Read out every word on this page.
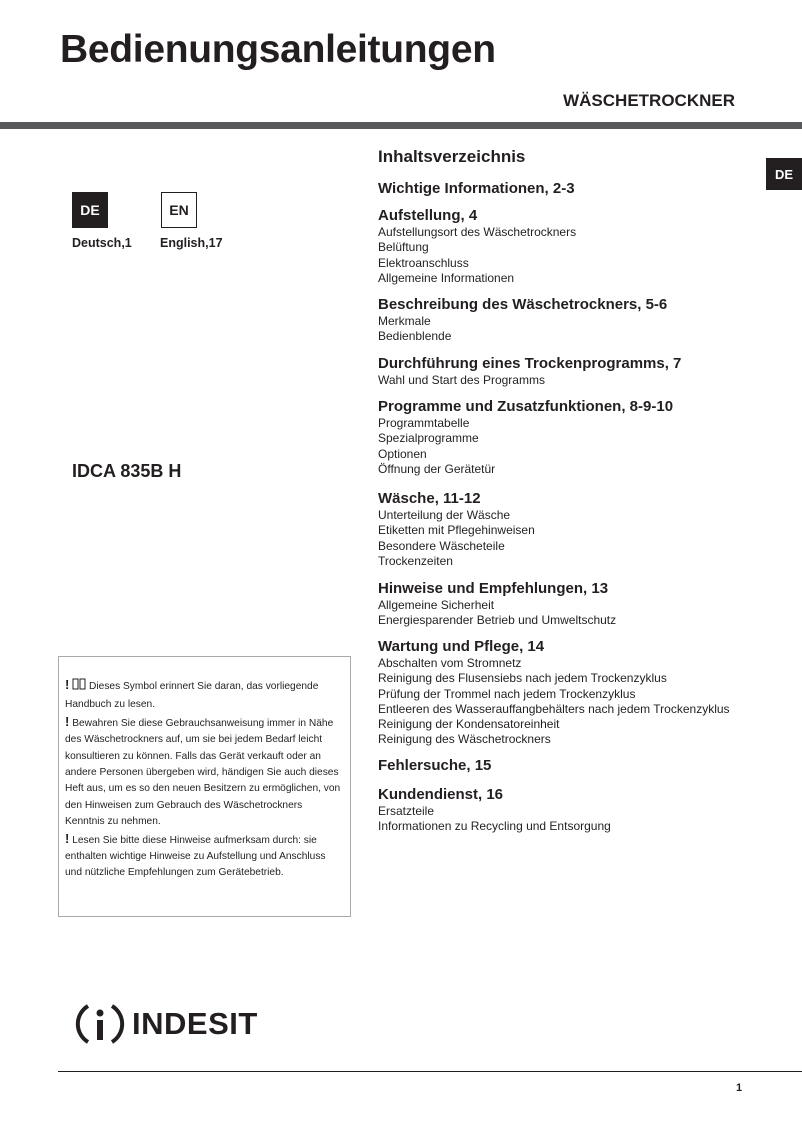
Bedienungsanleitungen
WÄSCHETROCKNER
DE
DE	EN
Deutsch,1 English,17
IDCA 835B H
Inhaltsverzeichnis
Wichtige Informationen, 2-3
Aufstellung, 4
Aufstellungsort des Wäschetrockners
Belüftung
Elektroanschluss
Allgemeine Informationen
Beschreibung des Wäschetrockners, 5-6
Merkmale
Bedienblende
Durchführung eines Trockenprogramms, 7
Wahl und Start des Programms
Programme und Zusatzfunktionen, 8-9-10
Programmtabelle
Spezialprogramme
Optionen
Öffnung der Gerätetür
Wäsche, 11-12
Unterteilung der Wäsche
Etiketten mit Pflegehinweisen
Besondere Wäscheteile
Trockenzeiten
Hinweise und Empfehlungen, 13
Allgemeine Sicherheit
Energiesparender Betrieb und Umweltschutz
Wartung und Pflege, 14
Abschalten vom Stromnetz
Reinigung des Flusensiebs nach jedem Trockenzyklus
Prüfung der Trommel nach jedem Trockenzyklus
Entleeren des Wasserauffangbehälters nach jedem Trockenzyklus
Reinigung der Kondensatoreinheit
Reinigung des Wäschetrockners
Fehlersuche, 15
Kundendienst, 16
Ersatzteile
Informationen zu Recycling und Entsorgung

! Dieses Symbol erinnert Sie daran, das vorliegende Handbuch zu lesen.

! Bewahren Sie diese Gebrauchsanweisung immer in Nähe des Wäschetrockners auf, um sie bei jedem Bedarf leicht konsultieren zu können. Falls das Gerät verkauft oder an andere Personen übergeben wird, händigen Sie auch dieses Heft aus, um es so den neuen Besitzern zu ermöglichen, von den Hinweisen zum Gebrauch des Wäschetrockners Kenntnis zu nehmen.

! Lesen Sie bitte diese Hinweise aufmerksam durch: sie enthalten wichtige Hinweise zu Aufstellung und Anschluss und nützliche Empfehlungen zum Gerätebetrieb.

INDESIT
1
